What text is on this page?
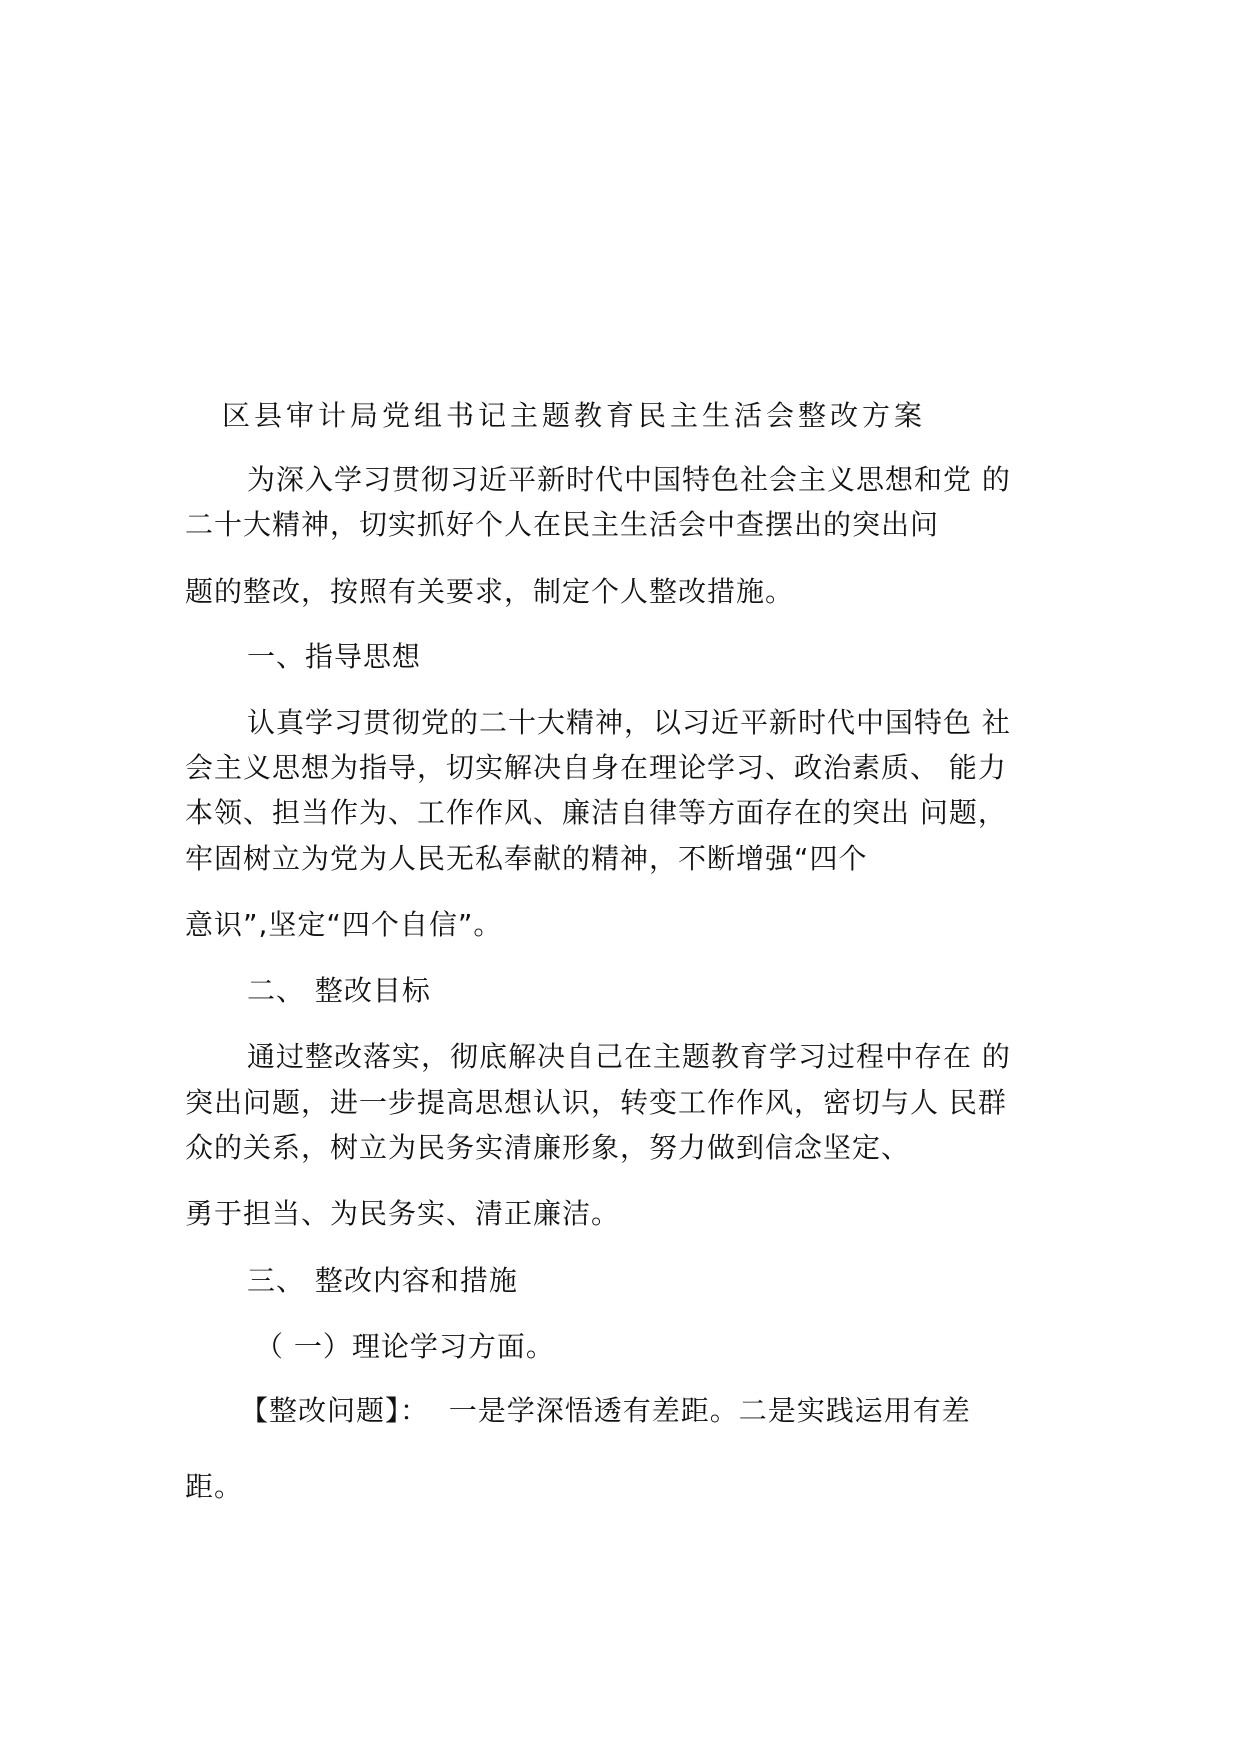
区县审计局党组书记主题教育民主生活会整改方案
为深入学习贯彻习近平新时代中国特色社会主义思想和党 的
二十大精神，切实抓好个人在民主生活会中查摆出的突出问
题的整改，按照有关要求，制定个人整改措施。
一、指导思想
认真学习贯彻党的二十大精神，以习近平新时代中国特色 社
会主义思想为指导，切实解决自身在理论学习、政治素质、 能力
本领、担当作为、工作作风、廉洁自律等方面存在的突出 问题，
牢固树立为党为人民无私奉献的精神，不断增强“四个
意识”,坚定“四个自信”。
二、 整改目标
通过整改落实，彻底解决自己在主题教育学习过程中存在 的
突出问题，进一步提高思想认识，转变工作作风，密切与人 民群
众的关系，树立为民务实清廉形象，努力做到信念坚定、
勇于担当、为民务实、清正廉洁。
三、 整改内容和措施
（ 一）理论学习方面。
【整改问题】：  一是学深悟透有差距。二是实践运用有差
距。
